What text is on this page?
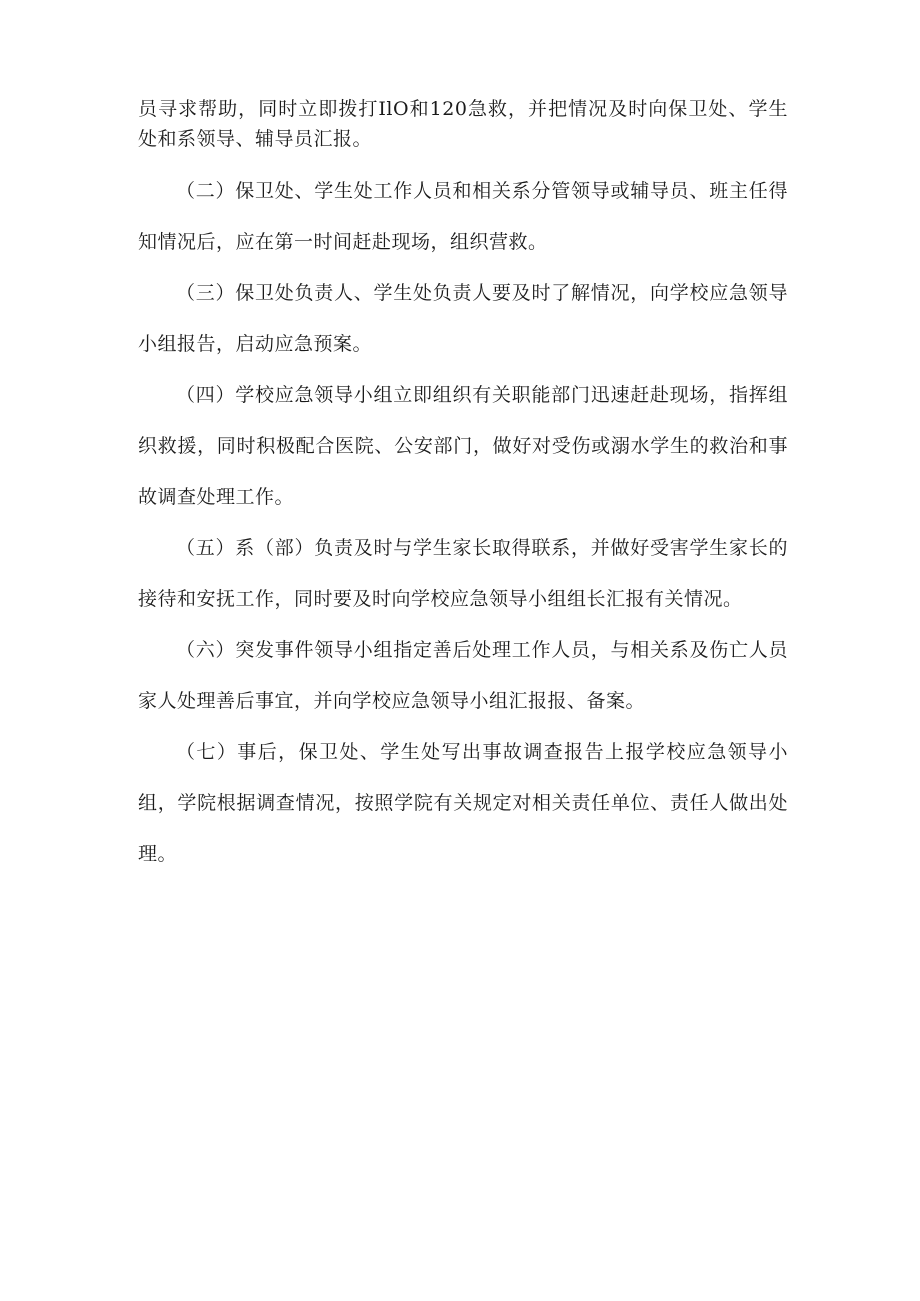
员寻求帮助，同时立即拨打IlO和120急救，并把情况及时向保卫处、学生处和系领导、辅导员汇报。

（二）保卫处、学生处工作人员和相关系分管领导或辅导员、班主任得知情况后，应在第一时间赶赴现场，组织营救。

（三）保卫处负责人、学生处负责人要及时了解情况，向学校应急领导小组报告，启动应急预案。

（四）学校应急领导小组立即组织有关职能部门迅速赶赴现场，指挥组织救援，同时积极配合医院、公安部门，做好对受伤或溺水学生的救治和事故调查处理工作。

（五）系（部）负责及时与学生家长取得联系，并做好受害学生家长的接待和安抚工作，同时要及时向学校应急领导小组组长汇报有关情况。

（六）突发事件领导小组指定善后处理工作人员，与相关系及伤亡人员家人处理善后事宜，并向学校应急领导小组汇报报、备案。

（七）事后，保卫处、学生处写出事故调查报告上报学校应急领导小组，学院根据调查情况，按照学院有关规定对相关责任单位、责任人做出处理。
